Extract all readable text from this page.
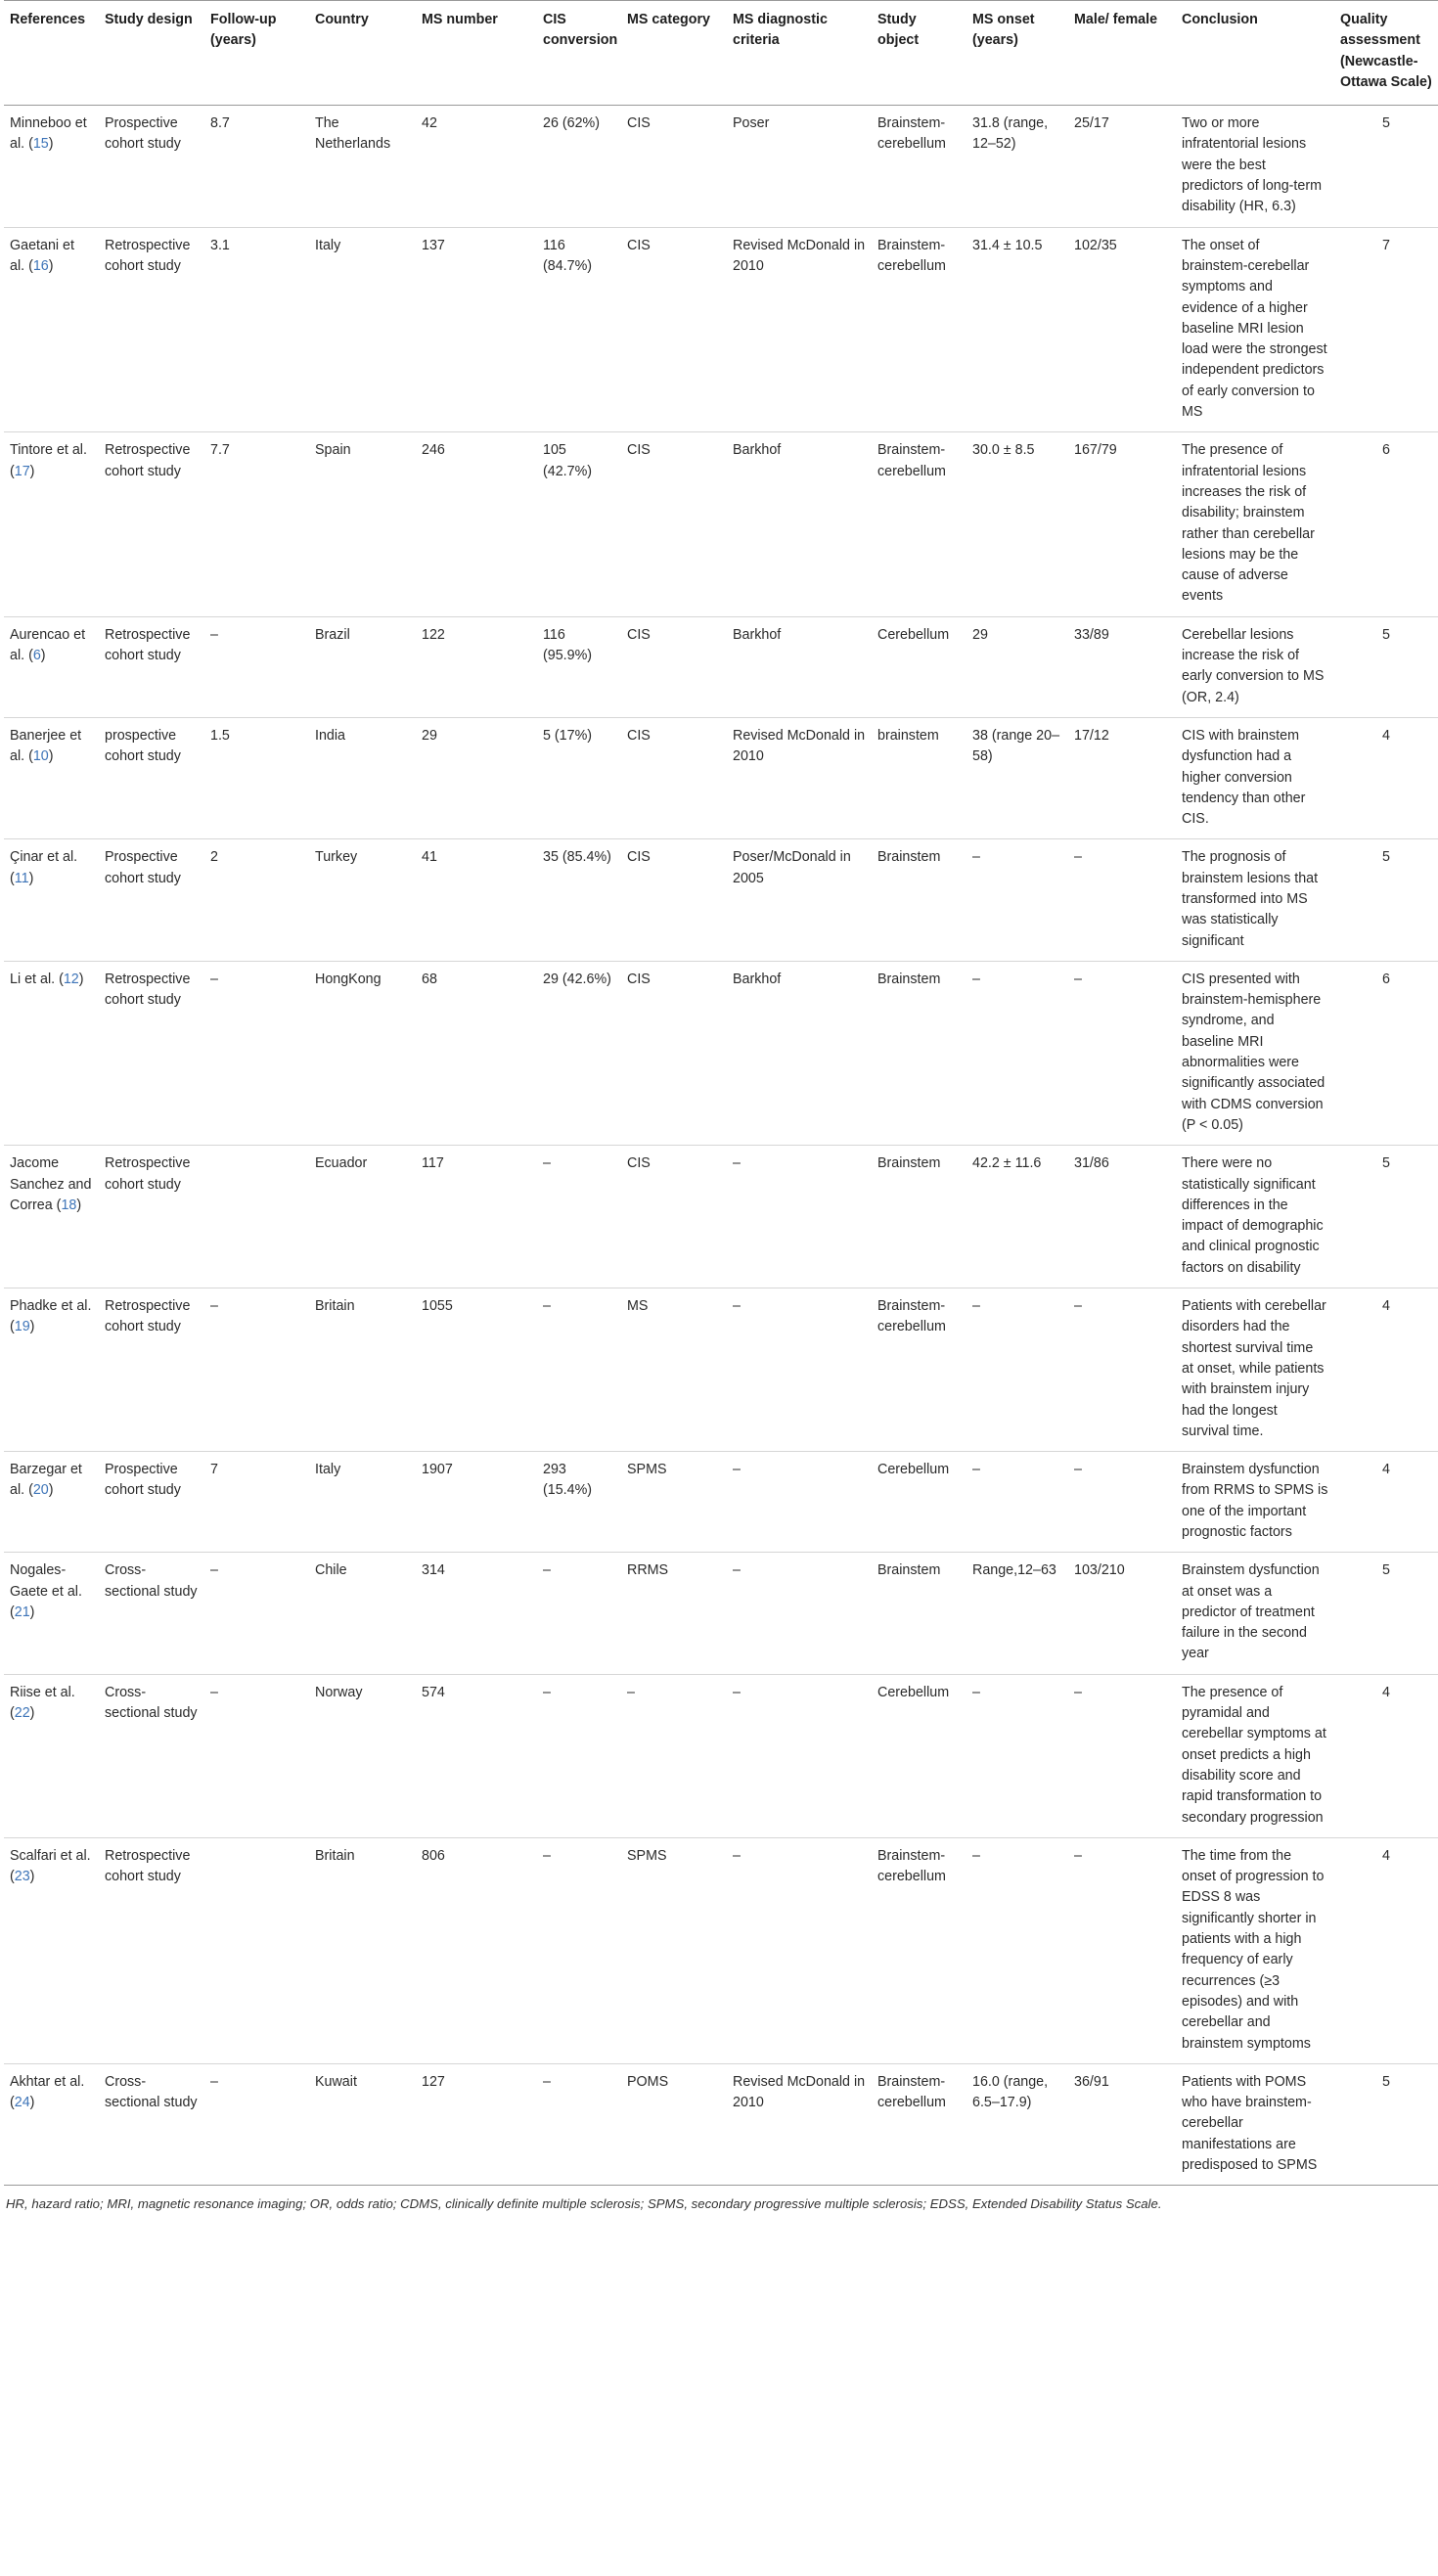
References	Study design	Follow-up (years)	Country	MS number	CIS conversion	MS category	MS diagnostic criteria	Study object	MS onset (years)	Male/ female	Conclusion	Quality assessment (Newcastle-Ottawa Scale)
Minneboo et al. (15)	Prospective cohort study	8.7	The Netherlands	42	26 (62%)	CIS	Poser	Brainstem-cerebellum	31.8 (range, 12–52)	25/17	Two or more infratentorial lesions were the best predictors of long-term disability (HR, 6.3)	5
Gaetani et al. (16)	Retrospective cohort study	3.1	Italy	137	116 (84.7%)	CIS	Revised McDonald in 2010	Brainstem-cerebellum	31.4 ± 10.5	102/35	The onset of brainstem-cerebellar symptoms and evidence of a higher baseline MRI lesion load were the strongest independent predictors of early conversion to MS	7
Tintore et al. (17)	Retrospective cohort study	7.7	Spain	246	105 (42.7%)	CIS	Barkhof	Brainstem-cerebellum	30.0 ± 8.5	167/79	The presence of infratentorial lesions increases the risk of disability; brainstem rather than cerebellar lesions may be the cause of adverse events	6
Aurencao et al. (6)	Retrospective cohort study	–	Brazil	122	116 (95.9%)	CIS	Barkhof	Cerebellum	29	33/89	Cerebellar lesions increase the risk of early conversion to MS (OR, 2.4)	5
Banerjee et al. (10)	prospective cohort study	1.5	India	29	5 (17%)	CIS	Revised McDonald in 2010	brainstem	38 (range 20–58)	17/12	CIS with brainstem dysfunction had a higher conversion tendency than other CIS.	4
Çinar et al. (11)	Prospective cohort study	2	Turkey	41	35 (85.4%)	CIS	Poser/McDonald in 2005	Brainstem	–	–	The prognosis of brainstem lesions that transformed into MS was statistically significant	5
Li et al. (12)	Retrospective cohort study	–	HongKong	68	29 (42.6%)	CIS	Barkhof	Brainstem	–	–	CIS presented with brainstem-hemisphere syndrome, and baseline MRI abnormalities were significantly associated with CDMS conversion (P < 0.05)	6
Jacome Sanchez and Correa (18)	Retrospective cohort study		Ecuador	117	–	CIS	–	Brainstem	42.2 ± 11.6	31/86	There were no statistically significant differences in the impact of demographic and clinical prognostic factors on disability	5
Phadke et al. (19)	Retrospective cohort study	–	Britain	1055	–	MS	–	Brainstem-cerebellum	–	–	Patients with cerebellar disorders had the shortest survival time at onset, while patients with brainstem injury had the longest survival time.	4
Barzegar et al. (20)	Prospective cohort study	7	Italy	1907	293 (15.4%)	SPMS	–	Cerebellum	–	–	Brainstem dysfunction from RRMS to SPMS is one of the important prognostic factors	4
Nogales-Gaete et al. (21)	Cross-sectional study	–	Chile	314	–	RRMS	–	Brainstem	Range,12–63	103/210	Brainstem dysfunction at onset was a predictor of treatment failure in the second year	5
Riise et al. (22)	Cross-sectional study	–	Norway	574	–	–	–	Cerebellum	–	–	The presence of pyramidal and cerebellar symptoms at onset predicts a high disability score and rapid transformation to secondary progression	4
Scalfari et al. (23)	Retrospective cohort study		Britain	806	–	SPMS	–	Brainstem-cerebellum	–	–	The time from the onset of progression to EDSS 8 was significantly shorter in patients with a high frequency of early recurrences (≥3 episodes) and with cerebellar and brainstem symptoms	4
Akhtar et al. (24)	Cross-sectional study	–	Kuwait	127	–	POMS	Revised McDonald in 2010	Brainstem-cerebellum	16.0 (range, 6.5–17.9)	36/91	Patients with POMS who have brainstem-cerebellar manifestations are predisposed to SPMS	5
HR, hazard ratio; MRI, magnetic resonance imaging; OR, odds ratio; CDMS, clinically definite multiple sclerosis; SPMS, secondary progressive multiple sclerosis; EDSS, Extended Disability Status Scale.
